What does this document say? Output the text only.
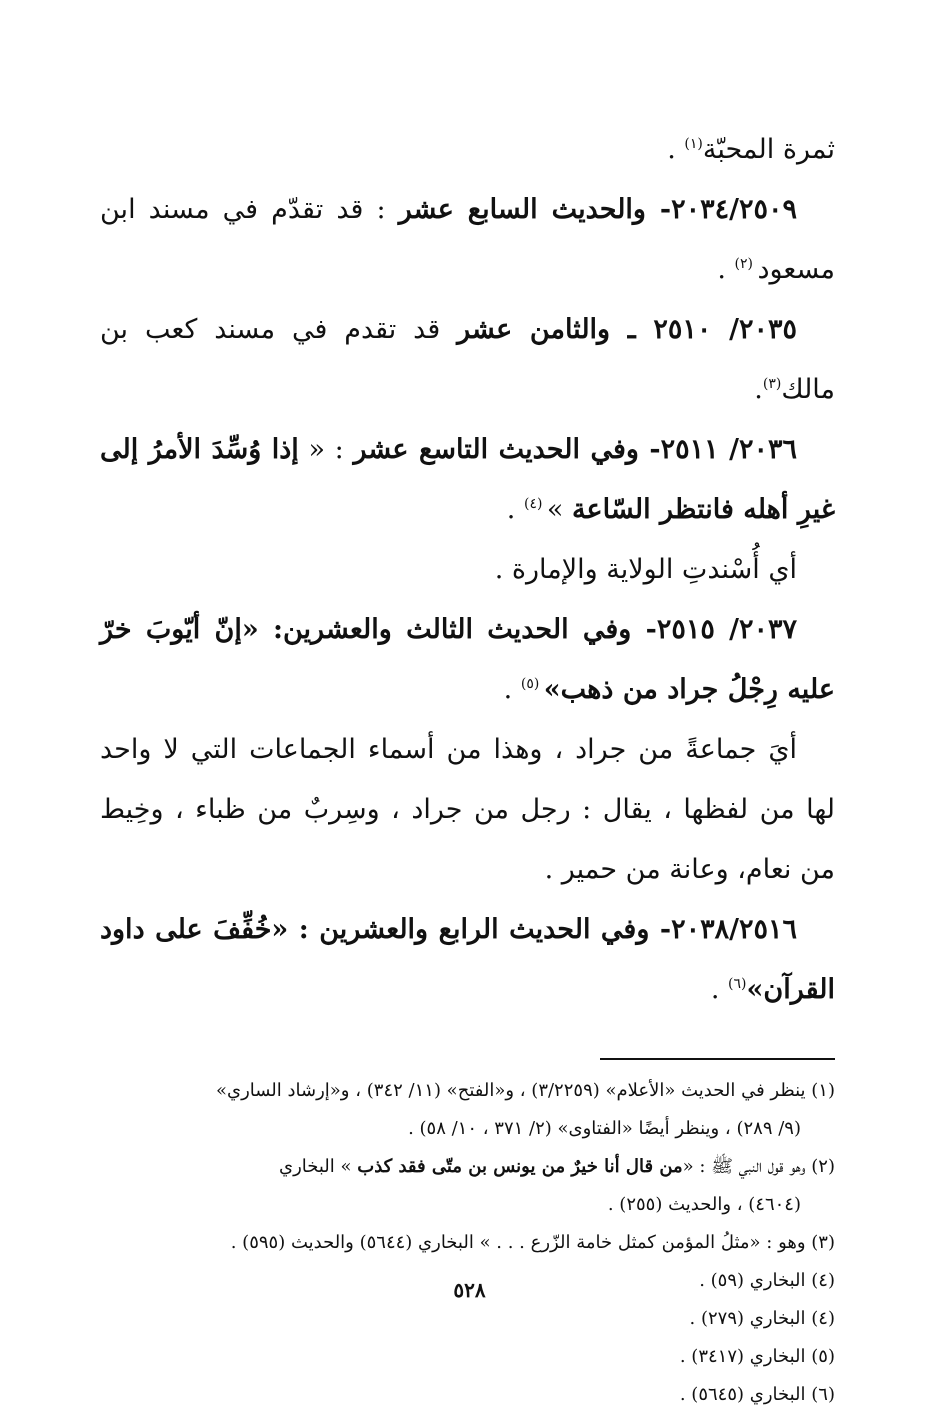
ثمرة المحبّة$^{(١)}$ .

٢٠٣٤/٢٥٠٩- والحديث السابع عشر : قد تقدّم في مسند ابن مسعود $^{(٢)}$ .

٢٠٣٥/ ٢٥١٠ ـ والثامن عشر قد تقدم في مسند كعب بن مالك$^{(٣)}$.

٢٠٣٦/ ٢٥١١- وفي الحديث التاسع عشر : « إذا وُسِّدَ الأمرُ إلى غيرِ أهله فانتظر السّاعة » $^{(٤)}$ .

أي أُسْندتِ الولاية والإمارة .

٢٠٣٧/ ٢٥١٥- وفي الحديث الثالث والعشرين: «إنّ أيّوبَ خرّ عليه رِجْلُ جراد من ذهب» $^{(٥)}$ .

أيَ جماعةً من جراد ، وهذا من أسماء الجماعات التي لا واحد لها من لفظها ، يقال : رجل من جراد ، وسِربٌ من ظباء ، وخِيط من نعام، وعانة من حمير .

٢٠٣٨/٢٥١٦- وفي الحديث الرابع والعشرين : «خُفِّفَ على داود القرآن»$^{(٦)}$ .

(١) ينظر في الحديث «الأعلام» (٣/٢٢٥٩) ، و«الفتح» (١١/ ٣٤٢) ، و«إرشاد الساري»

(٩/ ٢٨٩) ، وينظر أيضًا «الفتاوى» (٢/ ٣٧١ ، ١٠/ ٥٨) .

(٢) وهو قول النبي ﷺ : «من قال أنا خيرٌ من يونس بن متّى فقد كذب » البخاري

(٤٦٠٤) ، والحديث (٢٥٥) .

(٣) وهو : «مثلُ المؤمن كمثل خامة الزّرع . . . » البخاري (٥٦٤٤) والحديث (٥٩٥) .

(٤) البخاري (٥٩) .

(٤) البخاري (٢٧٩) .

(٥) البخاري (٣٤١٧) .

(٦) البخاري (٥٦٤٥) .

٥٢٨
